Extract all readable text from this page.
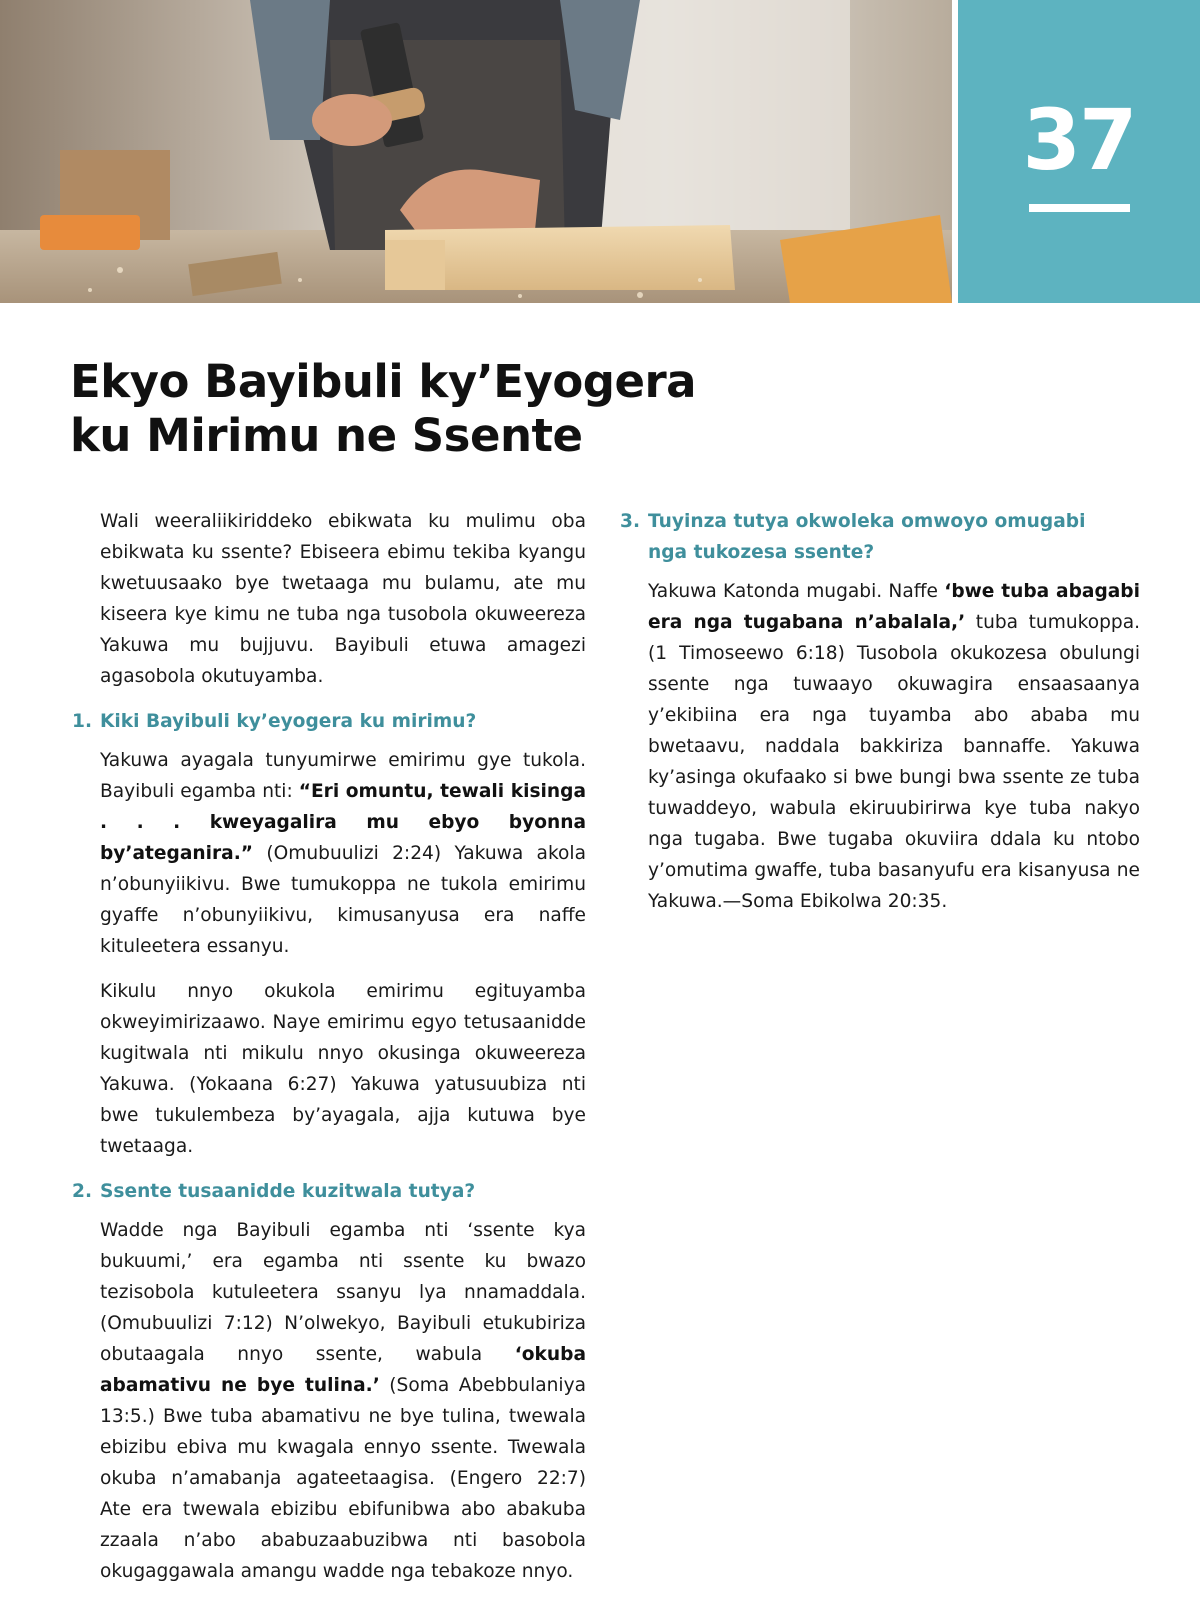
37
Ekyo Bayibuli ky’Eyogera
ku Mirimu ne Ssente

Wali weeraliikiriddeko ebikwata ku mulimu oba ebikwata ku ssente? Ebiseera ebimu tekiba kyangu kwetuusaako bye twetaaga mu bulamu, ate mu kiseera kye kimu ne tuba nga tusobola okuweereza Yakuwa mu bujjuvu. Bayibuli etuwa amagezi agasobola okutuyamba.

1. Kiki Bayibuli ky’eyogera ku mirimu?

Yakuwa ayagala tunyumirwe emirimu gye tukola. Bayibuli egamba nti: “Eri omuntu, tewali kisinga . . . kweyagalira mu ebyo byonna by’ateganira.” (Omubuulizi 2:24) Yakuwa akola n’obunyiikivu. Bwe tumukoppa ne tukola emirimu gyaffe n’obunyiikivu, kimusanyusa era naffe kituleetera essanyu.

Kikulu nnyo okukola emirimu egituyamba okweyimirizaawo. Naye emirimu egyo tetusaanidde kugitwala nti mikulu nnyo okusinga okuweereza Yakuwa. (Yokaana 6:27) Yakuwa yatusuubiza nti bwe tukulembeza by’ayagala, ajja kutuwa bye twetaaga.

2. Ssente tusaanidde kuzitwala tutya?

Wadde nga Bayibuli egamba nti ‘ssente kya bukuumi,’ era egamba nti ssente ku bwazo tezisobola kutuleetera ssanyu lya nnamaddala. (Omubuulizi 7:12) N’olwekyo, Bayibuli etukubiriza obutaagala nnyo ssente, wabula ‘okuba abamativu ne bye tulina.’ (Soma Abebbulaniya 13:5.) Bwe tuba abamativu ne bye tulina, twewala ebizibu ebiva mu kwagala ennyo ssente. Twewala okuba n’amabanja agateetaagisa. (Engero 22:7) Ate era twewala ebizibu ebifunibwa abo abakuba zzaala n’abo ababuzaabuzibwa nti basobola okugaggawala amangu wadde nga tebakoze nnyo.

3. Tuyinza tutya okwoleka omwoyo omugabi
nga tukozesa ssente?

Yakuwa Katonda mugabi. Naffe ‘bwe tuba abagabi era nga tugabana n’abalala,’ tuba tumukoppa. (1 Timoseewo 6:18) Tusobola okukozesa obulungi ssente nga tuwaayo okuwagira ensaasaanya y’ekibiina era nga tuyamba abo ababa mu bwetaavu, naddala bakkiriza bannaffe. Yakuwa ky’asinga okufaako si bwe bungi bwa ssente ze tuba tuwaddeyo, wabula ekiruubirirwa kye tuba nakyo nga tugaba. Bwe tugaba okuviira ddala ku ntobo y’omutima gwaffe, tuba basanyufu era kisanyusa ne Yakuwa.—Soma Ebikolwa 20:35.
